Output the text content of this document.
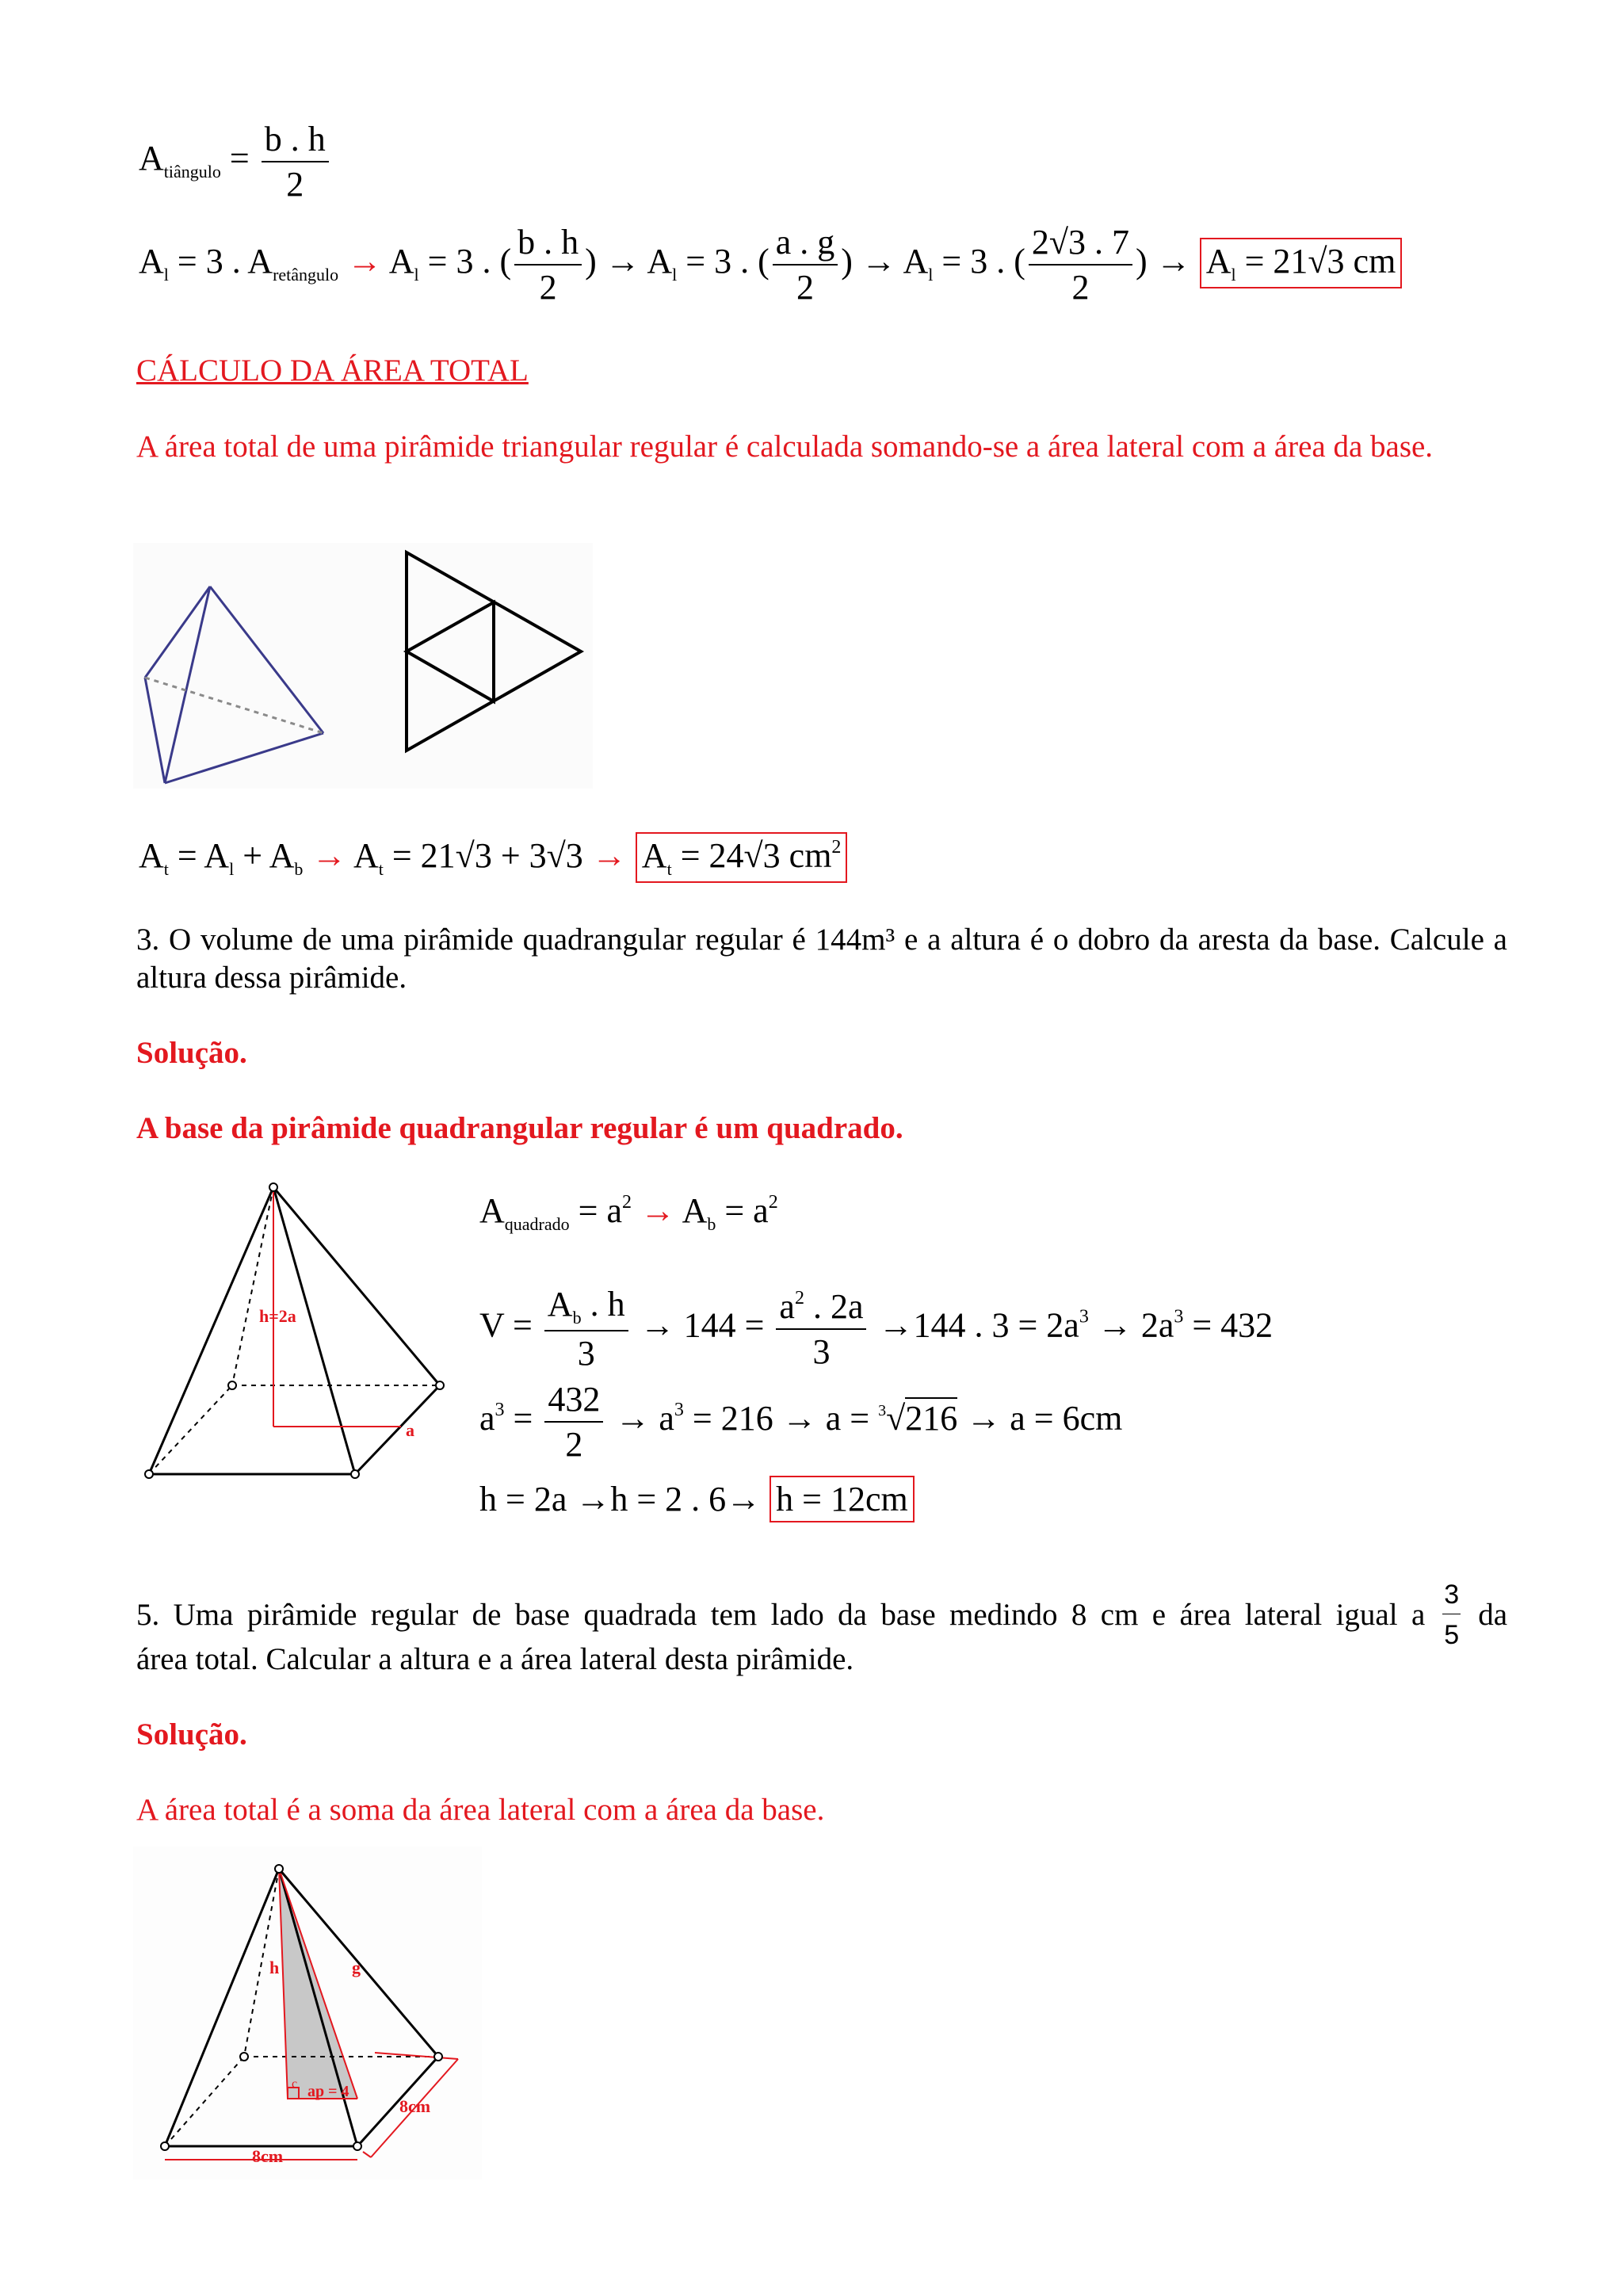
$A_{tiângulo} = \frac{b . h}{2}$
$A_l = 3$ . $A_{retângulo} \to A_l = 3$ . ( $\frac{b . h}{2}$ ) → $A_l = 3$ . ( $\frac{a . g}{2}$ ) → $A_l = 3$ . ( $\frac{2√3 . 7}{2}$ ) → $A_l = 21√3$ cm
CÁLCULO DA ÁREA TOTAL
A área total de uma pirâmide triangular regular é calculada somando-se a área lateral com a área da base.
$A_t = A_l + A_b \to A_t = 21√3 + 3√3 \to A_t = 24√3$ $cm^2$
3. O volume de uma pirâmide quadrangular regular é 144m³ e a altura é o dobro da aresta da base. Calcule a altura dessa pirâmide.
Solução.
A base da pirâmide quadrangular regular é um quadrado.
h=2a
a
$A_{quadrado} = a^2 \to A_b = a^2$
$V = \frac{A_b . h}{3} \to 144 = \frac{a^2 . 2a}{3} \to 144$ . $3 = 2a^3 \to 2a^3 = 432$
$a^3 = \frac{432}{2} \to a^3 = 216 \to a = ^3√216 \to a = 6cm$
h = 2a →h = 2 . 6→ h = 12cm
5. Uma pirâmide regular de base quadrada tem lado da base medindo 8 cm e área lateral igual a $\frac{3}{5}$ da
área total. Calcular a altura e a área lateral desta pirâmide.
Solução.
A área total é a soma da área lateral com a área da base.
h	g
c ap = 4
8cm
8cm
